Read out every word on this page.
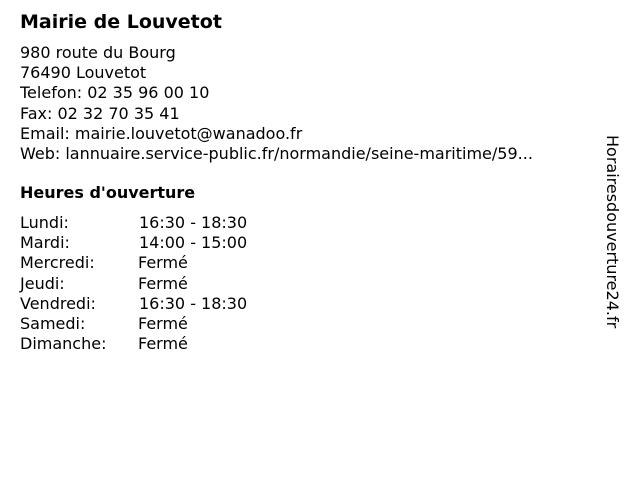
Mairie de Louvetot
980 route du Bourg
76490 Louvetot
Telefon: 02 35 96 00 10
Fax: 02 32 70 35 41
Email: mairie.louvetot@wanadoo.fr
Web: lannuaire.service-public.fr/normandie/seine-maritime/59...
Heures d'ouverture
Lundi:	16:30 - 18:30
Mardi:	14:00 - 15:00
Mercredi:	Fermé
Jeudi:	Fermé
Vendredi:	16:30 - 18:30
Samedi:	Fermé
Dimanche: Fermé
Horairesdouverture24.fr
